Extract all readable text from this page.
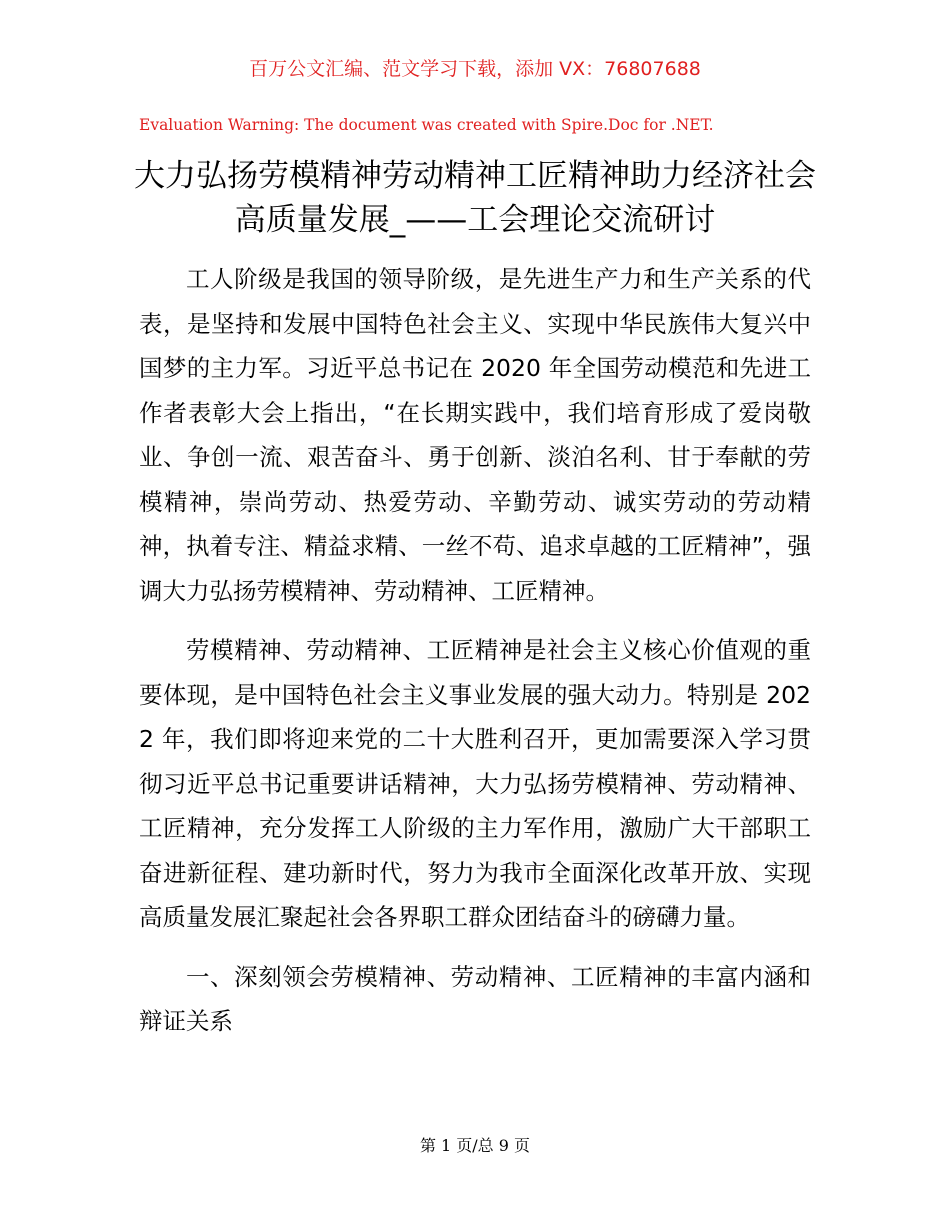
百万公文汇编、范文学习下载，添加 VX：76807688
Evaluation Warning: The document was created with Spire.Doc for .NET.
大力弘扬劳模精神劳动精神工匠精神助力经济社会高质量发展_——工会理论交流研讨

工人阶级是我国的领导阶级，是先进生产力和生产关系的代表，是坚持和发展中国特色社会主义、实现中华民族伟大复兴中国梦的主力军。习近平总书记在 2020 年全国劳动模范和先进工作者表彰大会上指出，“在长期实践中，我们培育形成了爱岗敬业、争创一流、艰苦奋斗、勇于创新、淡泊名利、甘于奉献的劳模精神，崇尚劳动、热爱劳动、辛勤劳动、诚实劳动的劳动精神，执着专注、精益求精、一丝不苟、追求卓越的工匠精神”，强调大力弘扬劳模精神、劳动精神、工匠精神。

劳模精神、劳动精神、工匠精神是社会主义核心价值观的重要体现，是中国特色社会主义事业发展的强大动力。特别是 2022 年，我们即将迎来党的二十大胜利召开，更加需要深入学习贯彻习近平总书记重要讲话精神，大力弘扬劳模精神、劳动精神、工匠精神，充分发挥工人阶级的主力军作用，激励广大干部职工奋进新征程、建功新时代，努力为我市全面深化改革开放、实现高质量发展汇聚起社会各界职工群众团结奋斗的磅礴力量。

一、深刻领会劳模精神、劳动精神、工匠精神的丰富内涵和辩证关系

第 1 页/总 9 页
